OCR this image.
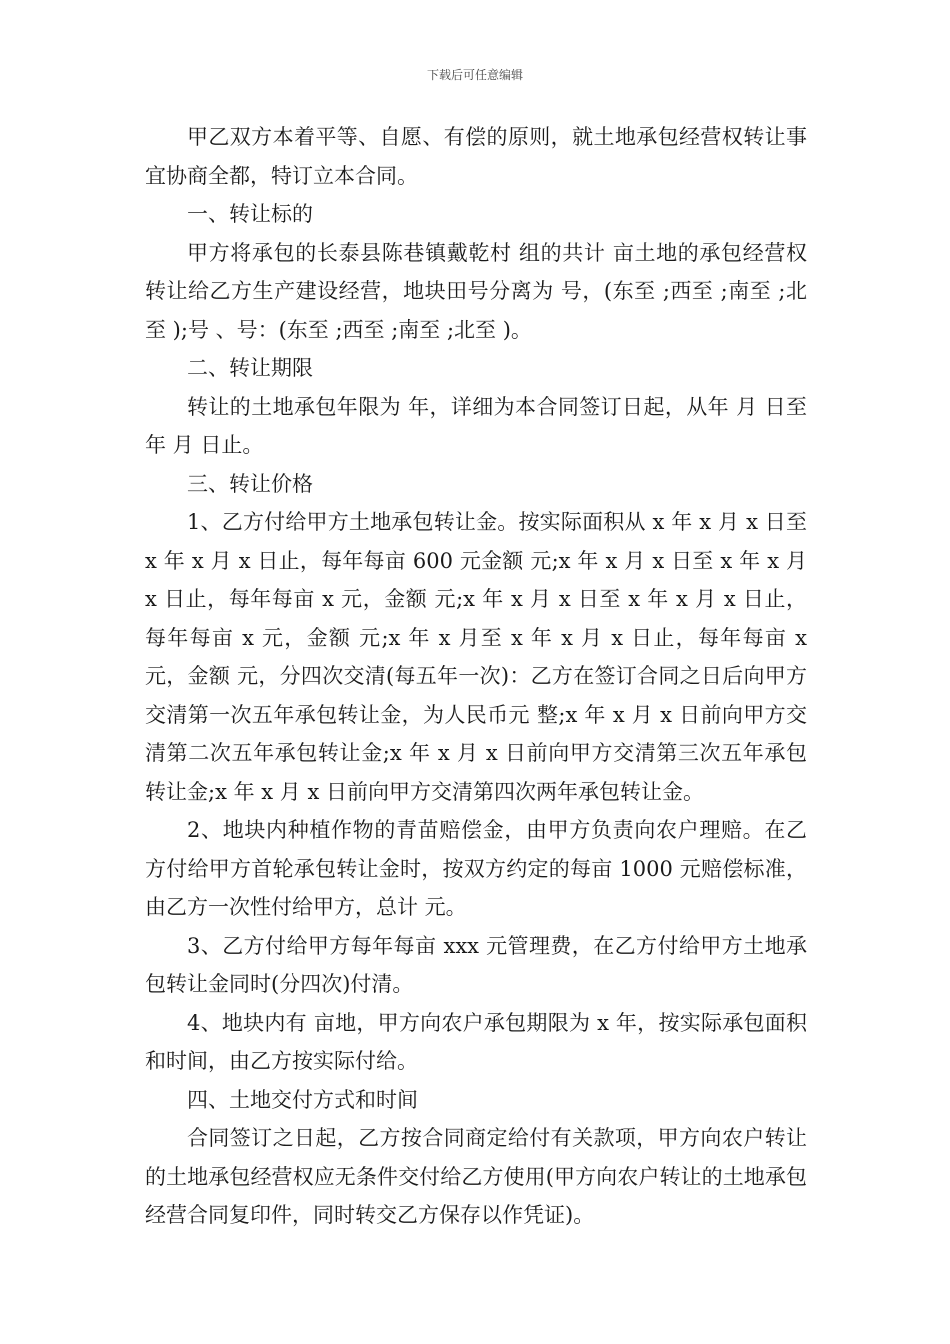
下载后可任意编辑

甲乙双方本着平等、自愿、有偿的原则，就土地承包经营权转让事宜协商全都，特订立本合同。

一、转让标的

甲方将承包的长泰县陈巷镇戴乾村 组的共计 亩土地的承包经营权转让给乙方生产建设经营，地块田号分离为 号，(东至 ;西至 ;南至 ;北至 );号 、号：(东至 ;西至 ;南至 ;北至 )。

二、转让期限

转让的土地承包年限为 年，详细为本合同签订日起，从年 月 日至 年 月 日止。

三、转让价格

1、乙方付给甲方土地承包转让金。按实际面积从 x 年 x 月 x 日至 x 年 x 月 x 日止，每年每亩 600 元金额 元;x 年 x 月 x 日至 x 年 x 月 x 日止，每年每亩 x 元，金额 元;x 年 x 月 x 日至 x 年 x 月 x 日止，每年每亩 x 元，金额 元;x 年 x 月至 x 年 x 月 x 日止，每年每亩 x 元，金额 元，分四次交清(每五年一次)：乙方在签订合同之日后向甲方交清第一次五年承包转让金，为人民币元 整;x 年 x 月 x 日前向甲方交清第二次五年承包转让金;x 年 x 月 x 日前向甲方交清第三次五年承包转让金;x 年 x 月 x 日前向甲方交清第四次两年承包转让金。

2、地块内种植作物的青苗赔偿金，由甲方负责向农户理赔。在乙方付给甲方首轮承包转让金时，按双方约定的每亩 1000 元赔偿标准，由乙方一次性付给甲方，总计 元。

3、乙方付给甲方每年每亩 xxx 元管理费，在乙方付给甲方土地承包转让金同时(分四次)付清。

4、地块内有 亩地，甲方向农户承包期限为 x 年，按实际承包面积和时间，由乙方按实际付给。

四、土地交付方式和时间

合同签订之日起，乙方按合同商定给付有关款项，甲方向农户转让的土地承包经营权应无条件交付给乙方使用(甲方向农户转让的土地承包经营合同复印件，同时转交乙方保存以作凭证)。
